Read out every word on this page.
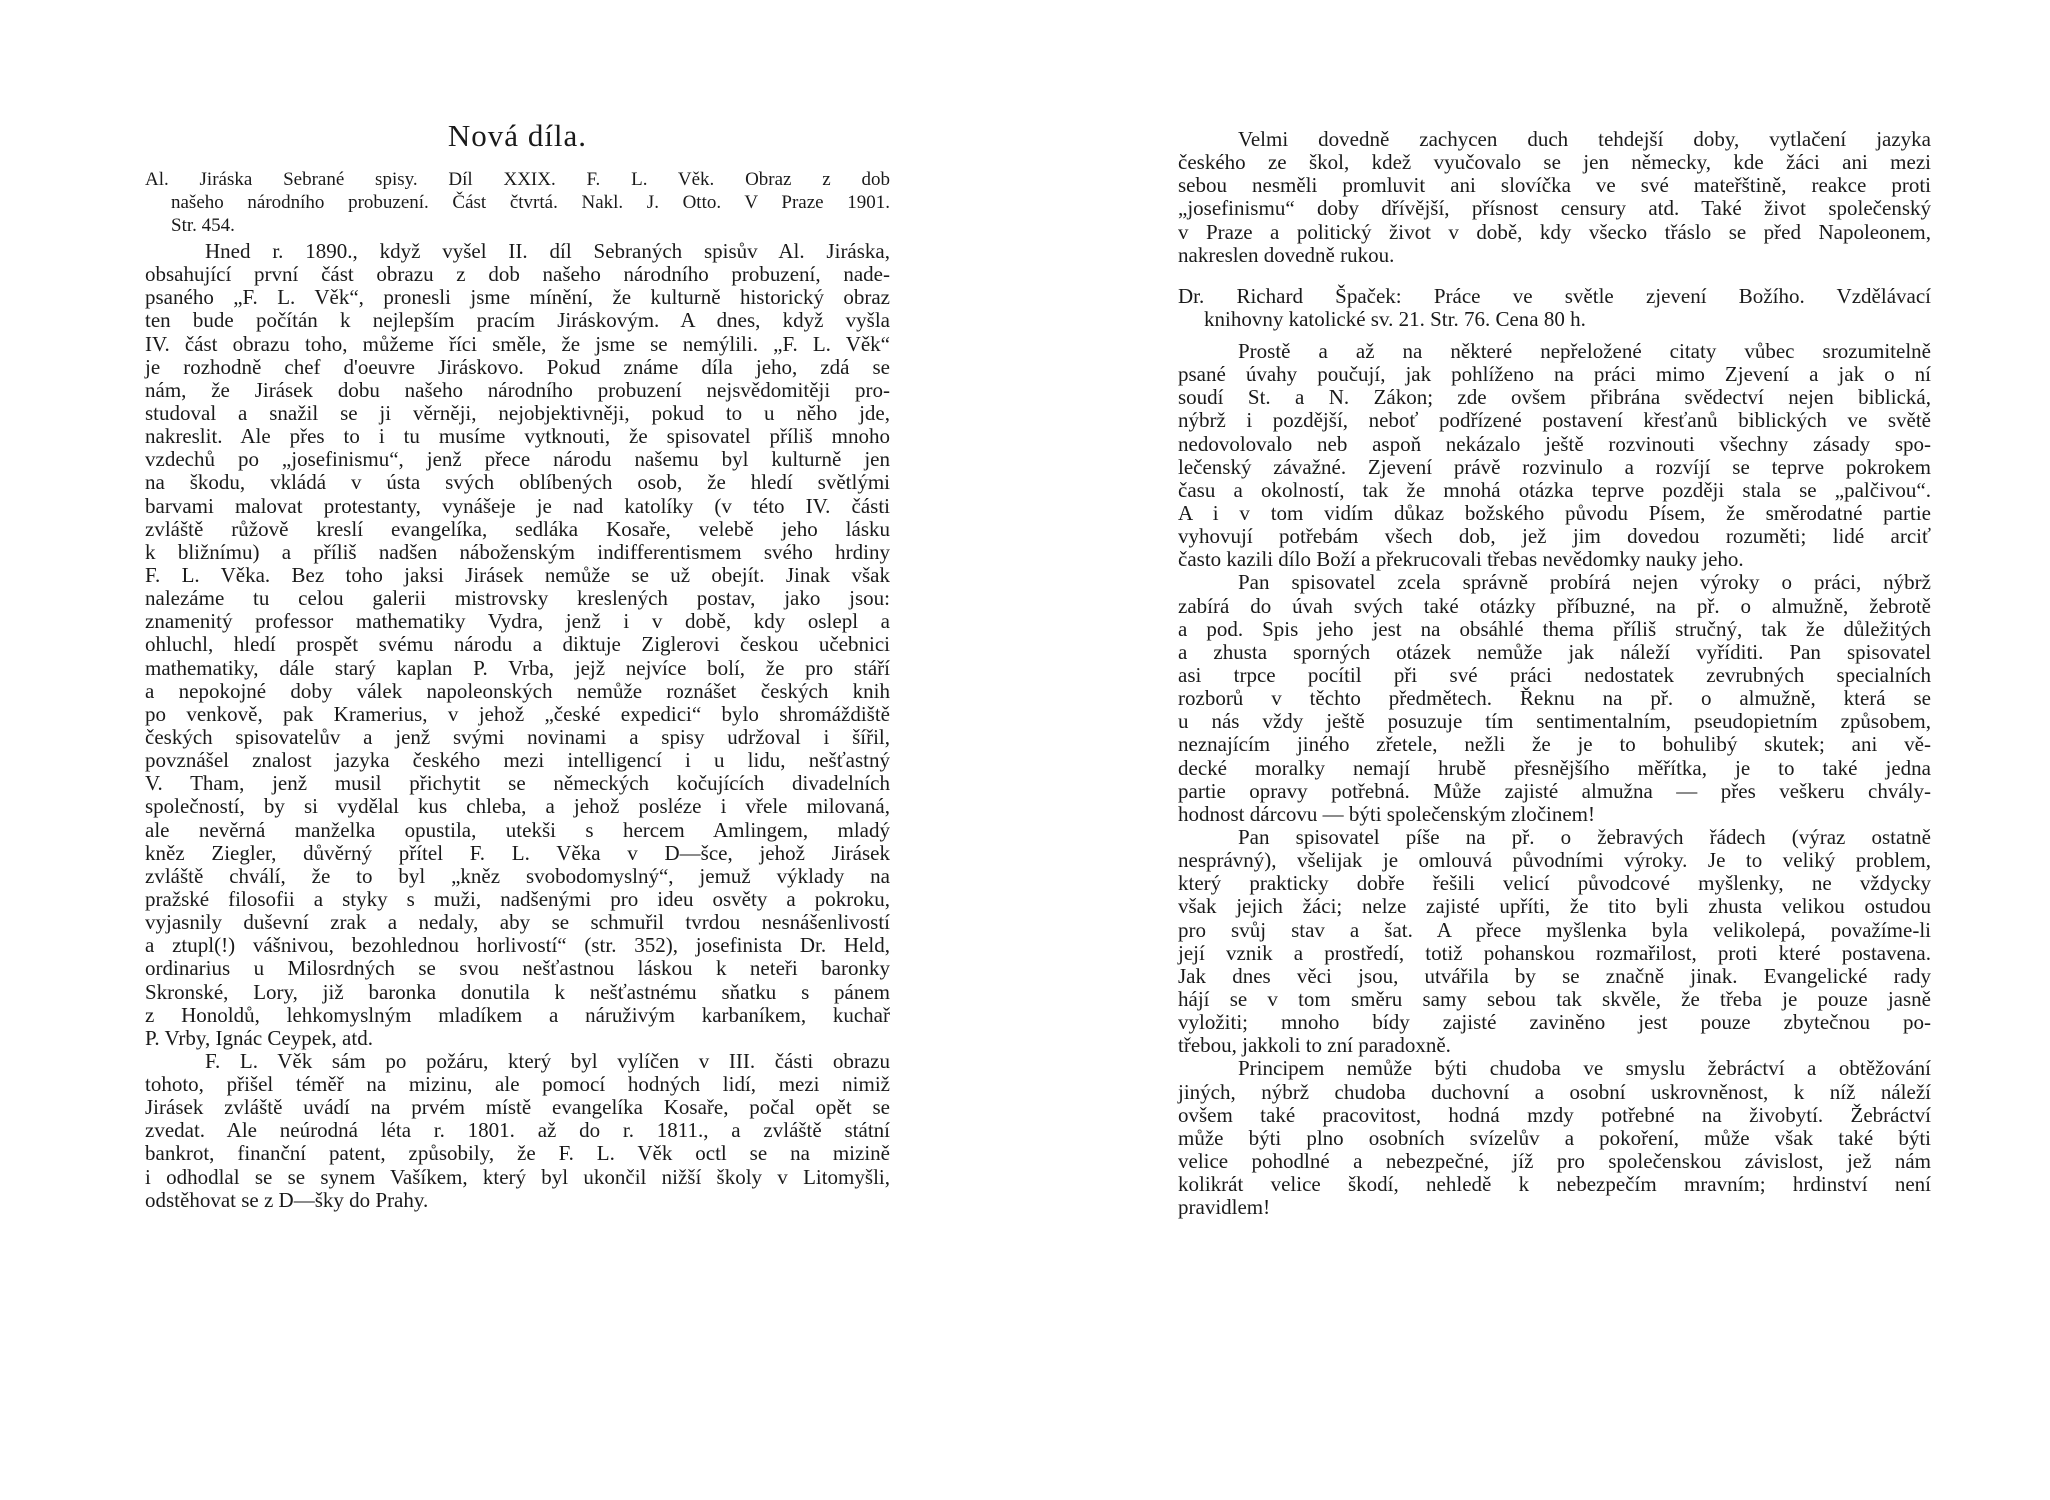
Nová díla.
Al. Jiráska Sebrané spisy. Díl XXIX. F. L. Věk. Obraz z dob
našeho národního probuzení. Část čtvrtá. Nakl. J. Otto. V Praze 1901.
Str. 454.
Hned r. 1890., když vyšel II. díl Sebraných spisův Al. Jiráska,
obsahující první část obrazu z dob našeho národního probuzení, nade-
psaného „F. L. Věk“, pronesli jsme mínění, že kulturně historický obraz
ten bude počítán k nejlepším pracím Jiráskovým. A dnes, když vyšla
IV. část obrazu toho, můžeme říci směle, že jsme se nemýlili. „F. L. Věk“
je rozhodně chef d'oeuvre Jiráskovo. Pokud známe díla jeho, zdá se
nám, že Jirásek dobu našeho národního probuzení nejsvědomitěji pro-
studoval a snažil se ji věrněji, nejobjektivněji, pokud to u něho jde,
nakreslit. Ale přes to i tu musíme vytknouti, že spisovatel příliš mnoho
vzdechů po „josefinismu“, jenž přece národu našemu byl kulturně jen
na škodu, vkládá v ústa svých oblíbených osob, že hledí světlými
barvami malovat protestanty, vynášeje je nad katolíky (v této IV. části
zvláště růžově kreslí evangelíka, sedláka Kosaře, velebě jeho lásku
k bližnímu) a příliš nadšen náboženským indifferentismem svého hrdiny
F. L. Věka. Bez toho jaksi Jirásek nemůže se už obejít. Jinak však
nalezáme tu celou galerii mistrovsky kreslených postav, jako jsou:
znamenitý professor mathematiky Vydra, jenž i v době, kdy oslepl a
ohluchl, hledí prospět svému národu a diktuje Ziglerovi českou učebnici
mathematiky, dále starý kaplan P. Vrba, jejž nejvíce bolí, že pro stáří
a nepokojné doby válek napoleonských nemůže roznášet českých knih
po venkově, pak Kramerius, v jehož „české expedici“ bylo shromáždiště
českých spisovatelův a jenž svými novinami a spisy udržoval i šířil,
povznášel znalost jazyka českého mezi intelligencí i u lidu, nešťastný
V. Tham, jenž musil přichytit se německých kočujících divadelních
společností, by si vydělal kus chleba, a jehož posléze i vřele milovaná,
ale nevěrná manželka opustila, utekši s hercem Amlingem, mladý
kněz Ziegler, důvěrný přítel F. L. Věka v D—šce, jehož Jirásek
zvláště chválí, že to byl „kněz svobodomyslný“, jemuž výklady na
pražské filosofii a styky s muži, nadšenými pro ideu osvěty a pokroku,
vyjasnily duševní zrak a nedaly, aby se schmuřil tvrdou nesnášenlivostí
a ztupl(!) vášnivou, bezohlednou horlivostí“ (str. 352), josefinista Dr. Held,
ordinarius u Milosrdných se svou nešťastnou láskou k neteři baronky
Skronské, Lory, již baronka donutila k nešťastnému sňatku s pánem
z Honoldů, lehkomyslným mladíkem a náruživým karbaníkem, kuchař
P. Vrby, Ignác Ceypek, atd.
F. L. Věk sám po požáru, který byl vylíčen v III. části obrazu
tohoto, přišel téměř na mizinu, ale pomocí hodných lidí, mezi nimiž
Jirásek zvláště uvádí na prvém místě evangelíka Kosaře, počal opět se
zvedat. Ale neúrodná léta r. 1801. až do r. 1811., a zvláště státní
bankrot, finanční patent, způsobily, že F. L. Věk octl se na mizině
i odhodlal se se synem Vašíkem, který byl ukončil nižší školy v Litomyšli,
odstěhovat se z D—šky do Prahy.
Velmi dovedně zachycen duch tehdejší doby, vytlačení jazyka
českého ze škol, kdež vyučovalo se jen německy, kde žáci ani mezi
sebou nesměli promluvit ani slovíčka ve své mateřštině, reakce proti
„josefinismu“ doby dřívější, přísnost censury atd. Také život společenský
v Praze a politický život v době, kdy všecko třáslo se před Napoleonem,
nakreslen dovedně rukou.
Dr. Richard Špaček: Práce ve světle zjevení Božího. Vzdělávací
knihovny katolické sv. 21. Str. 76. Cena 80 h.
Prostě a až na některé nepřeložené citaty vůbec srozumitelně
psané úvahy poučují, jak pohlíženo na práci mimo Zjevení a jak o ní
soudí St. a N. Zákon; zde ovšem přibrána svědectví nejen biblická,
nýbrž i pozdější, neboť podřízené postavení křesťanů biblických ve světě
nedovolovalo neb aspoň nekázalo ještě rozvinouti všechny zásady spo-
lečenský závažné. Zjevení právě rozvinulo a rozvíjí se teprve pokrokem
času a okolností, tak že mnohá otázka teprve později stala se „palčivou“.
A i v tom vidím důkaz božského původu Písem, že směrodatné partie
vyhovují potřebám všech dob, jež jim dovedou rozuměti; lidé arciť
často kazili dílo Boží a překrucovali třebas nevědomky nauky jeho.
Pan spisovatel zcela správně probírá nejen výroky o práci, nýbrž
zabírá do úvah svých také otázky příbuzné, na př. o almužně, žebrotě
a pod. Spis jeho jest na obsáhlé thema příliš stručný, tak že důležitých
a zhusta sporných otázek nemůže jak náleží vyříditi. Pan spisovatel
asi trpce pocítil při své práci nedostatek zevrubných specialních
rozborů v těchto předmětech. Řeknu na př. o almužně, která se
u nás vždy ještě posuzuje tím sentimentalním, pseudopietním způsobem,
neznajícím jiného zřetele, nežli že je to bohulibý skutek; ani vě-
decké moralky nemají hrubě přesnějšího měřítka, je to také jedna
partie opravy potřebná. Může zajisté almužna — přes veškeru chvály-
hodnost dárcovu — býti společenským zločinem!
Pan spisovatel píše na př. o žebravých řádech (výraz ostatně
nesprávný), všelijak je omlouvá původními výroky. Je to veliký problem,
který prakticky dobře řešili velicí původcové myšlenky, ne vždycky
však jejich žáci; nelze zajisté upříti, že tito byli zhusta velikou ostudou
pro svůj stav a šat. A přece myšlenka byla velikolepá, považíme-li
její vznik a prostředí, totiž pohanskou rozmařilost, proti které postavena.
Jak dnes věci jsou, utvářila by se značně jinak. Evangelické rady
hájí se v tom směru samy sebou tak skvěle, že třeba je pouze jasně
vyložiti; mnoho bídy zajisté zaviněno jest pouze zbytečnou po-
třebou, jakkoli to zní paradoxně.
Principem nemůže býti chudoba ve smyslu žebráctví a obtěžování
jiných, nýbrž chudoba duchovní a osobní uskrovněnost, k níž náleží
ovšem také pracovitost, hodná mzdy potřebné na živobytí. Žebráctví
může býti plno osobních svízelův a pokoření, může však také býti
velice pohodlné a nebezpečné, jíž pro společenskou závislost, jež nám
kolikrát velice škodí, nehledě k nebezpečím mravním; hrdinství není
pravidlem!
